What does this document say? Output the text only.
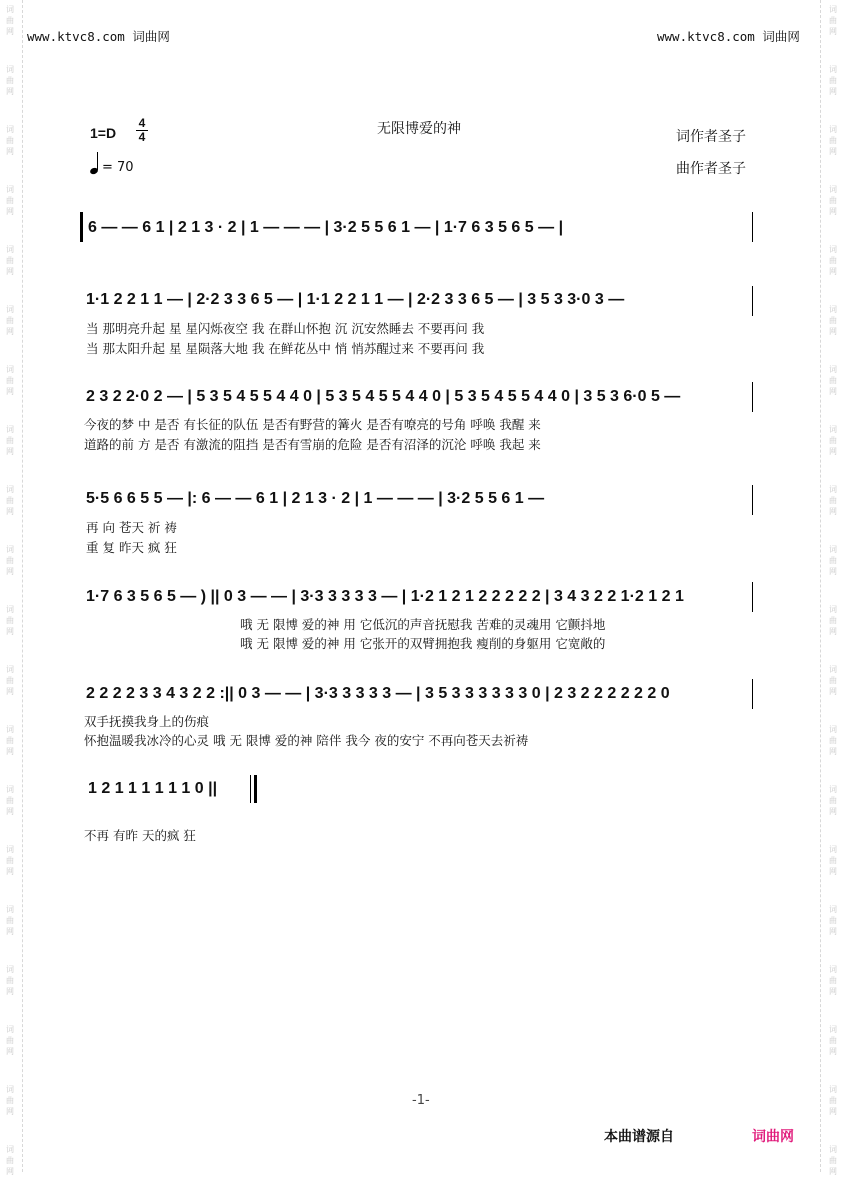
词
曲
网
词
曲
网
词
曲
网
词
曲
网
词
曲
网
词
曲
网
词
曲
网
词
曲
网
词
曲
网
词
曲
网
词
曲
网
词
曲
网
词
曲
网
词
曲
网
词
曲
网
词
曲
网
词
曲
网
词
曲
网
词
曲
网
词
曲
网
词
曲
网
词
曲
网
词
曲
网
词
曲
网
词
曲
网
词
曲
网
词
曲
网
词
曲
网
词
曲
网
词
曲
网
词
曲
网
词
曲
网
词
曲
网
词
曲
网
词
曲
网
词
曲
网
词
曲
网
词
曲
网
词
曲
网
词
曲
网
www.ktvc8.com 词曲网	www.ktvc8.com 词曲网
1=D
4
4
= 70
无限博爱的神	词作者圣子
曲作者圣子
6 — — 6 1 | 2 1 3 · 2 | 1 — — — | 3·2 5 5 6 1 — | 1·7 6 3 5 6 5 — |
1·1 2 2 1 1 — | 2·2 3 3 6 5 — | 1·1 2 2 1 1 — | 2·2 3 3 6 5 — | 3 5 3 3·0 3 —
当 那明亮升起 星 星闪烁夜空 我 在群山怀抱 沉 沉安然睡去 不要再问 我
当 那太阳升起 星 星陨落大地 我 在鲜花丛中 悄 悄苏醒过来 不要再问 我
2 3 2 2·0 2 — | 5 3 5 4 5 5 4 4 0 | 5 3 5 4 5 5 4 4 0 | 5 3 5 4 5 5 4 4 0 | 3 5 3 6·0 5 —
今夜的梦 中 是否 有长征的队伍 是否有野营的篝火 是否有嘹亮的号角 呼唤 我醒 来
道路的前 方 是否 有激流的阻挡 是否有雪崩的危险 是否有沼泽的沉沦 呼唤 我起 来
5·5 6 6 5 5 — |: 6 — — 6 1 | 2 1 3 · 2 | 1 — — — | 3·2 5 5 6 1 —
再 向 苍天 祈 祷
重 复 昨天 疯 狂
1·7 6 3 5 6 5 — ) || 0 3 — — | 3·3 3 3 3 3 — | 1·2 1 2 1 2 2 2 2 2 | 3 4 3 2 2 1·2 1 2 1
哦 无 限博 爱的神 用 它低沉的声音抚慰我 苦难的灵魂用 它颤抖地
哦 无 限博 爱的神 用 它张开的双臂拥抱我 瘦削的身躯用 它宽敞的
2 2 2 2 3 3 4 3 2 2 :|| 0 3 — — | 3·3 3 3 3 3 — | 3 5 3 3 3 3 3 3 0 | 2 3 2 2 2 2 2 2 0
双手抚摸我身上的伤痕
怀抱温暖我冰冷的心灵 哦 无 限博 爱的神 陪伴 我今 夜的安宁 不再向苍天去祈祷
1 2 1 1 1 1 1 1 0 ||
不再 有昨 天的疯 狂
-1-
本曲谱源自	词曲网
